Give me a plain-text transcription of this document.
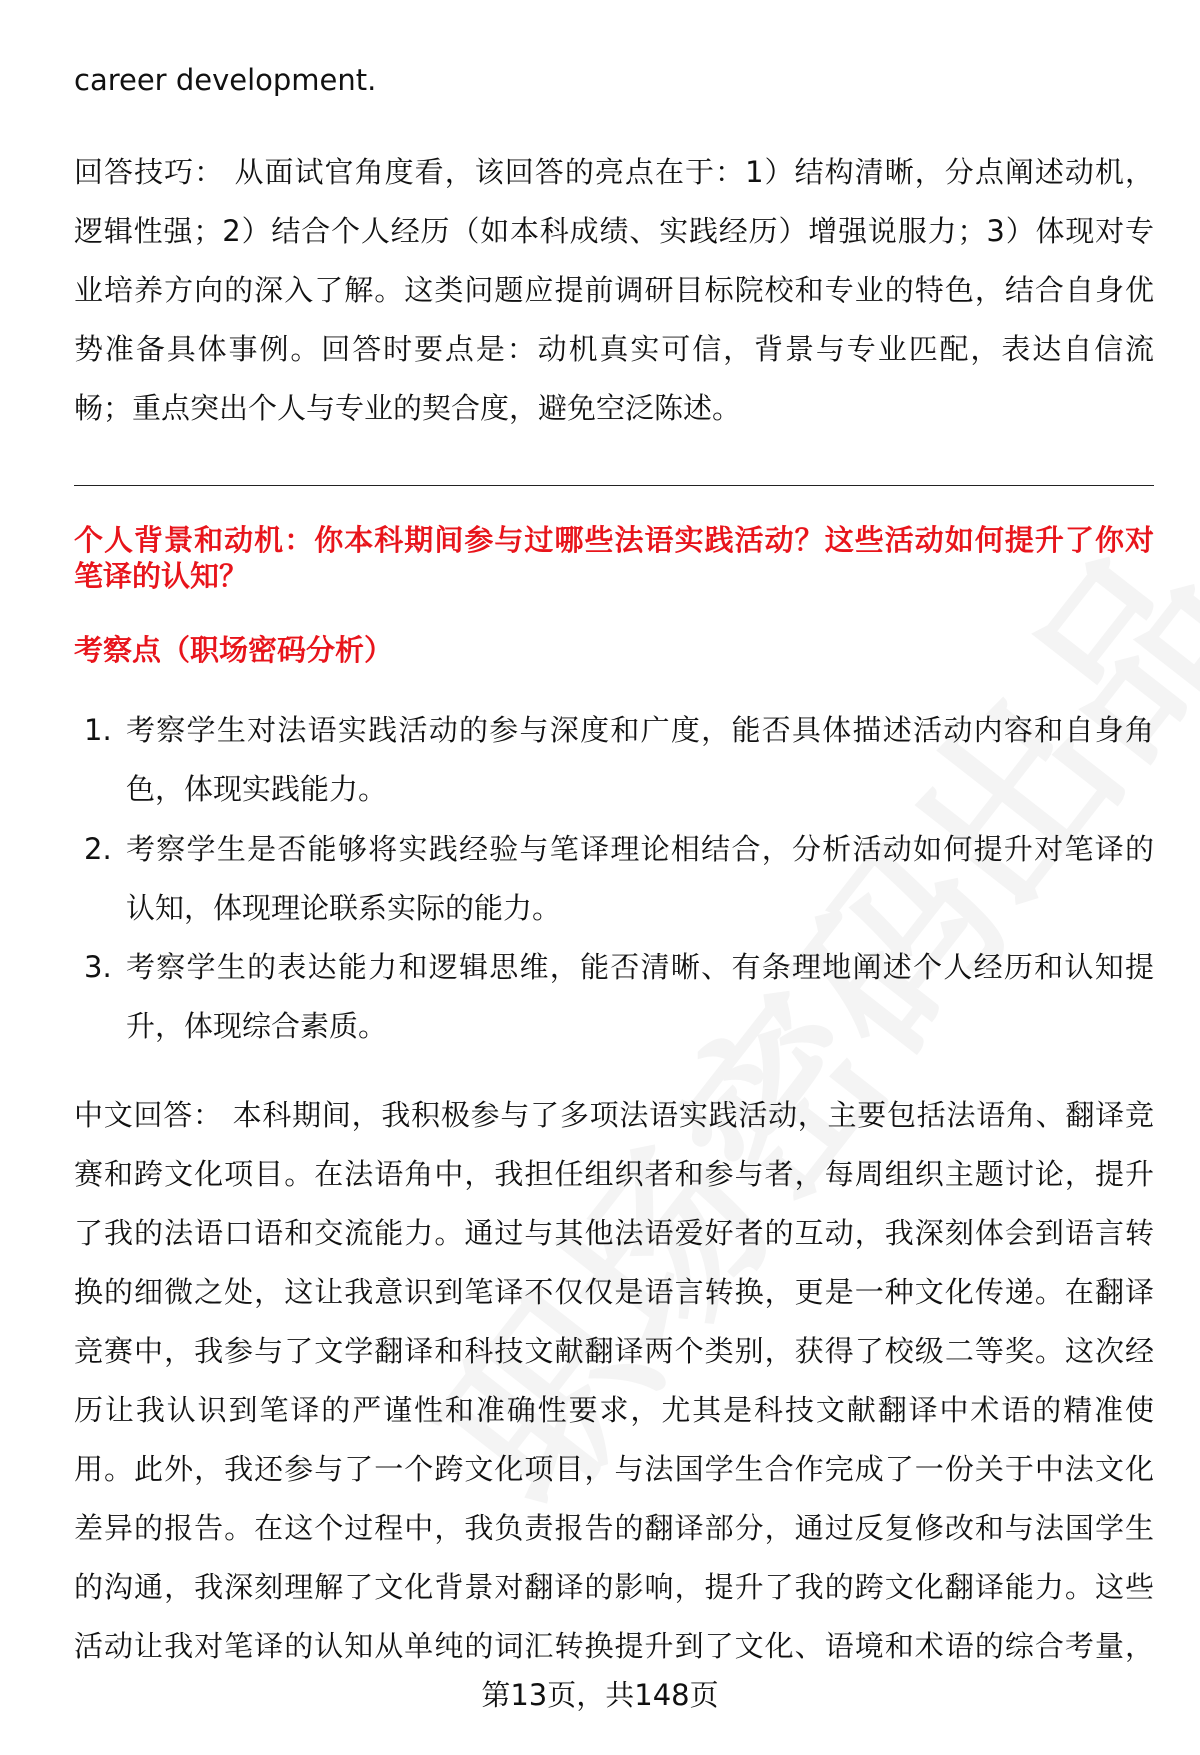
career development.
回答技巧： 从面试官角度看，该回答的亮点在于：1）结构清晰，分点阐述动机，
逻辑性强；2）结合个人经历（如本科成绩、实践经历）增强说服力；3）体现对专
业培养方向的深入了解。这类问题应提前调研目标院校和专业的特色，结合自身优
势准备具体事例。回答时要点是：动机真实可信，背景与专业匹配，表达自信流
畅；重点突出个人与专业的契合度，避免空泛陈述。
个人背景和动机：你本科期间参与过哪些法语实践活动？这些活动如何提升了你对
笔译的认知？
考察点（职场密码分析）
1. 考察学生对法语实践活动的参与深度和广度，能否具体描述活动内容和自身角
色，体现实践能力。
2. 考察学生是否能够将实践经验与笔译理论相结合，分析活动如何提升对笔译的
认知，体现理论联系实际的能力。
3. 考察学生的表达能力和逻辑思维，能否清晰、有条理地阐述个人经历和认知提
升，体现综合素质。
中文回答： 本科期间，我积极参与了多项法语实践活动，主要包括法语角、翻译竞
赛和跨文化项目。在法语角中，我担任组织者和参与者，每周组织主题讨论，提升
了我的法语口语和交流能力。通过与其他法语爱好者的互动，我深刻体会到语言转
换的细微之处，这让我意识到笔译不仅仅是语言转换，更是一种文化传递。在翻译
竞赛中，我参与了文学翻译和科技文献翻译两个类别，获得了校级二等奖。这次经
历让我认识到笔译的严谨性和准确性要求，尤其是科技文献翻译中术语的精准使
用。此外，我还参与了一个跨文化项目，与法国学生合作完成了一份关于中法文化
差异的报告。在这个过程中，我负责报告的翻译部分，通过反复修改和与法国学生
的沟通，我深刻理解了文化背景对翻译的影响，提升了我的跨文化翻译能力。这些
活动让我对笔译的认知从单纯的词汇转换提升到了文化、语境和术语的综合考量，
第13页，共148页
